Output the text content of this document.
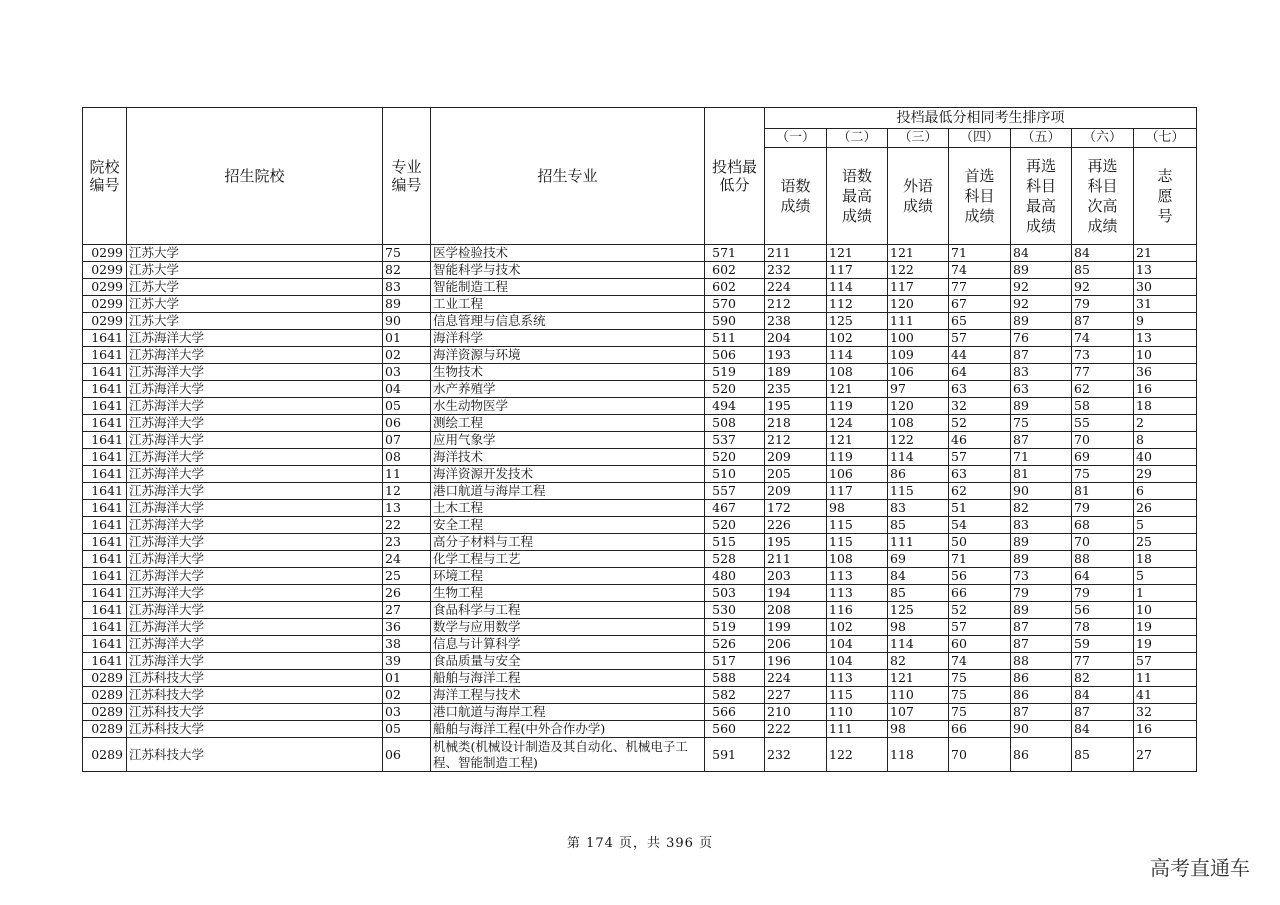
院校编号	招生院校	专业编号	招生专业	投档最低分	投档最低分相同考生排序项						
					（一）	（二）	（三）	（四）	（五）	（六）	（七）
					语数成绩	语数最高成绩	外语成绩	首选科目成绩	再选科目最高成绩	再选科目次高成绩	志愿号
0299	江苏大学	75	医学检验技术	571	211	121	121	71	84	84	21
0299	江苏大学	82	智能科学与技术	602	232	117	122	74	89	85	13
0299	江苏大学	83	智能制造工程	602	224	114	117	77	92	92	30
0299	江苏大学	89	工业工程	570	212	112	120	67	92	79	31
0299	江苏大学	90	信息管理与信息系统	590	238	125	111	65	89	87	9
1641	江苏海洋大学	01	海洋科学	511	204	102	100	57	76	74	13
1641	江苏海洋大学	02	海洋资源与环境	506	193	114	109	44	87	73	10
1641	江苏海洋大学	03	生物技术	519	189	108	106	64	83	77	36
1641	江苏海洋大学	04	水产养殖学	520	235	121	97	63	63	62	16
1641	江苏海洋大学	05	水生动物医学	494	195	119	120	32	89	58	18
1641	江苏海洋大学	06	测绘工程	508	218	124	108	52	75	55	2
1641	江苏海洋大学	07	应用气象学	537	212	121	122	46	87	70	8
1641	江苏海洋大学	08	海洋技术	520	209	119	114	57	71	69	40
1641	江苏海洋大学	11	海洋资源开发技术	510	205	106	86	63	81	75	29
1641	江苏海洋大学	12	港口航道与海岸工程	557	209	117	115	62	90	81	6
1641	江苏海洋大学	13	土木工程	467	172	98	83	51	82	79	26
1641	江苏海洋大学	22	安全工程	520	226	115	85	54	83	68	5
1641	江苏海洋大学	23	高分子材料与工程	515	195	115	111	50	89	70	25
1641	江苏海洋大学	24	化学工程与工艺	528	211	108	69	71	89	88	18
1641	江苏海洋大学	25	环境工程	480	203	113	84	56	73	64	5
1641	江苏海洋大学	26	生物工程	503	194	113	85	66	79	79	1
1641	江苏海洋大学	27	食品科学与工程	530	208	116	125	52	89	56	10
1641	江苏海洋大学	36	数学与应用数学	519	199	102	98	57	87	78	19
1641	江苏海洋大学	38	信息与计算科学	526	206	104	114	60	87	59	19
1641	江苏海洋大学	39	食品质量与安全	517	196	104	82	74	88	77	57
0289	江苏科技大学	01	船舶与海洋工程	588	224	113	121	75	86	82	11
0289	江苏科技大学	02	海洋工程与技术	582	227	115	110	75	86	84	41
0289	江苏科技大学	03	港口航道与海岸工程	566	210	110	107	75	87	87	32
0289	江苏科技大学	05	船舶与海洋工程(中外合作办学)	560	222	111	98	66	90	84	16
0289	江苏科技大学	06	机械类(机械设计制造及其自动化、机械电子工程、智能制造工程)	591	232	122	118	70	86	85	27
第 174 页，共 396 页
高考直通车
